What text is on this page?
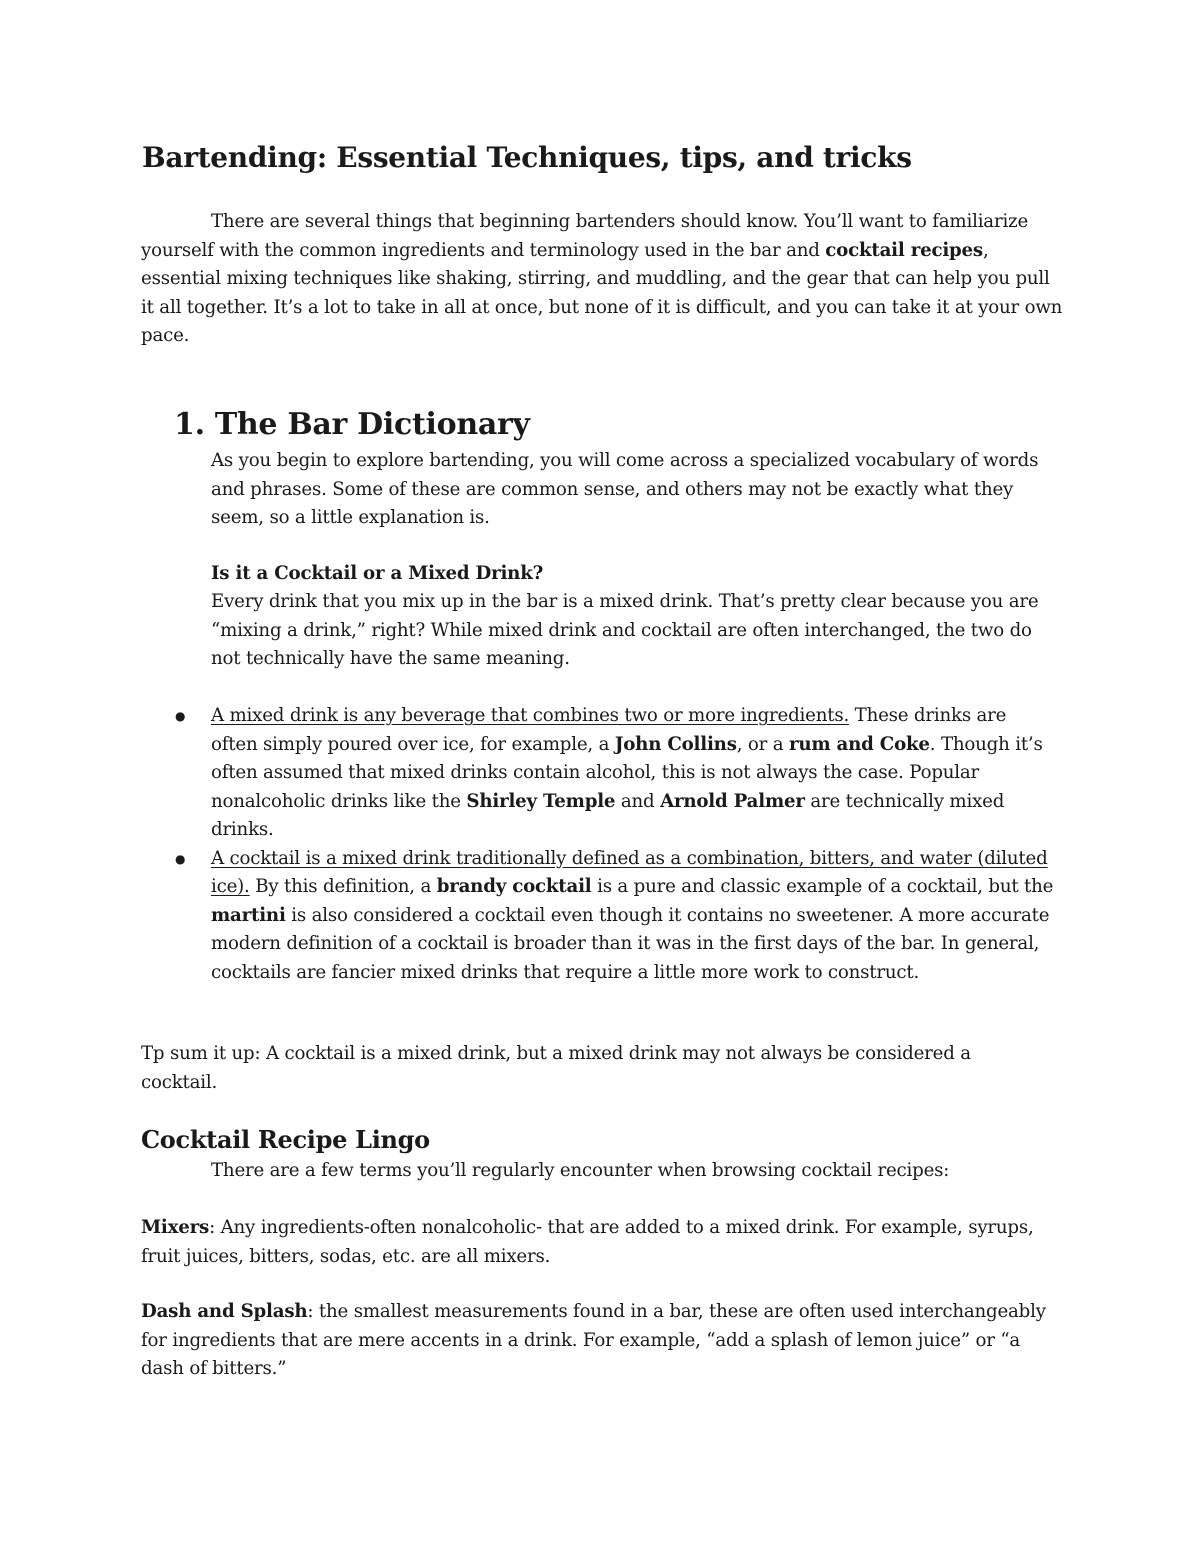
Bartending: Essential Techniques, tips, and tricks

There are several things that beginning bartenders should know. You’ll want to familiarize yourself with the common ingredients and terminology used in the bar and cocktail recipes, essential mixing techniques like shaking, stirring, and muddling, and the gear that can help you pull it all together. It’s a lot to take in all at once, but none of it is difficult, and you can take it at your own pace.

1. The Bar Dictionary

As you begin to explore bartending, you will come across a specialized vocabulary of words and phrases. Some of these are common sense, and others may not be exactly what they seem, so a little explanation is.

Is it a Cocktail or a Mixed Drink?

Every drink that you mix up in the bar is a mixed drink. That’s pretty clear because you are “mixing a drink,” right? While mixed drink and cocktail are often interchanged, the two do not technically have the same meaning.

● A mixed drink is any beverage that combines two or more ingredients. These drinks are often simply poured over ice, for example, a John Collins, or a rum and Coke. Though it’s often assumed that mixed drinks contain alcohol, this is not always the case. Popular nonalcoholic drinks like the Shirley Temple and Arnold Palmer are technically mixed drinks.
● A cocktail is a mixed drink traditionally defined as a combination, bitters, and water (diluted ice). By this definition, a brandy cocktail is a pure and classic example of a cocktail, but the martini is also considered a cocktail even though it contains no sweetener. A more accurate modern definition of a cocktail is broader than it was in the first days of the bar. In general, cocktails are fancier mixed drinks that require a little more work to construct.

Tp sum it up: A cocktail is a mixed drink, but a mixed drink may not always be considered a cocktail.

Cocktail Recipe Lingo

There are a few terms you’ll regularly encounter when browsing cocktail recipes:

Mixers: Any ingredients-often nonalcoholic- that are added to a mixed drink. For example, syrups, fruit juices, bitters, sodas, etc. are all mixers.

Dash and Splash: the smallest measurements found in a bar, these are often used interchangeably for ingredients that are mere accents in a drink. For example, “add a splash of lemon juice” or “a dash of bitters.”
